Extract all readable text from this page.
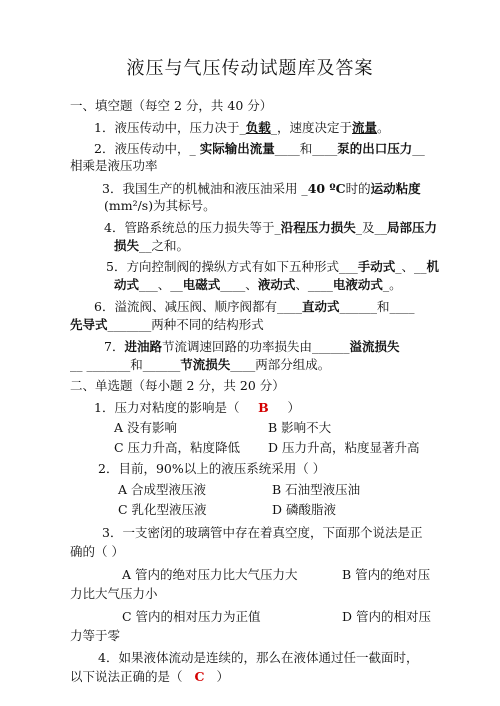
液压与气压传动试题库及答案
一、填空题（每空 2 分，共 40 分）
1．液压传动中，压力决于_负载_，速度决定于流量。
2．液压传动中，_ 实际输出流量____和____泵的出口压力__
相乘是液压功率
3．我国生产的机械油和液压油采用 _40 ºC时的运动粘度
(mm²/s)为其标号。
4．管路系统总的压力损失等于_沿程压力损失_及__局部压力
损失__之和。
5．方向控制阀的操纵方式有如下五种形式___手动式_、__机
动式___、__电磁式____、液动式、____电液动式_。
6．溢流阀、减压阀、顺序阀都有____直动式______和____
先导式_______两种不同的结构形式
7．进油路节流调速回路的功率损失由______溢流损失
__ _______和______节流损失____两部分组成。
二、单选题（每小题 2 分，共 20 分）
1．压力对粘度的影响是（ B ）
A 没有影响	B 影响不大
C 压力升高，粘度降低 D 压力升高，粘度显著升高
2．目前，90%以上的液压系统采用（ ）
A 合成型液压液	B 石油型液压油
C 乳化型液压液	D 磷酸脂液
3．一支密闭的玻璃管中存在着真空度，下面那个说法是正
确的（ ）
A 管内的绝对压力比大气压力大	B 管内的绝对压
力比大气压力小
C 管内的相对压力为正值	D 管内的相对压
力等于零
4．如果液体流动是连续的，那么在液体通过任一截面时，
以下说法正确的是（ C ）
